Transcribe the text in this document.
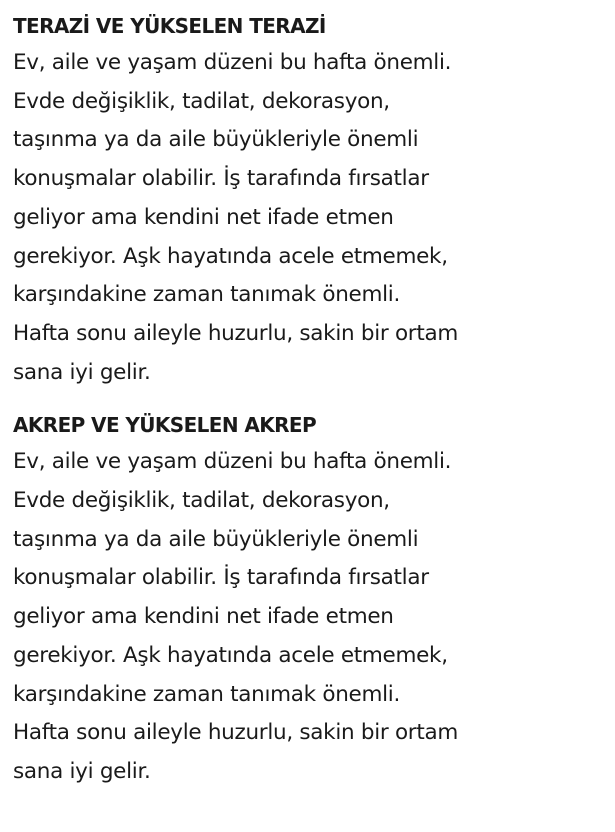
TERAZİ VE YÜKSELEN TERAZİ

Ev, aile ve yaşam düzeni bu hafta önemli.
Evde değişiklik, tadilat, dekorasyon,
taşınma ya da aile büyükleriyle önemli
konuşmalar olabilir. İş tarafında fırsatlar
geliyor ama kendini net ifade etmen
gerekiyor. Aşk hayatında acele etmemek,
karşındakine zaman tanımak önemli.
Hafta sonu aileyle huzurlu, sakin bir ortam
sana iyi gelir.

AKREP VE YÜKSELEN AKREP

Ev, aile ve yaşam düzeni bu hafta önemli.
Evde değişiklik, tadilat, dekorasyon,
taşınma ya da aile büyükleriyle önemli
konuşmalar olabilir. İş tarafında fırsatlar
geliyor ama kendini net ifade etmen
gerekiyor. Aşk hayatında acele etmemek,
karşındakine zaman tanımak önemli.
Hafta sonu aileyle huzurlu, sakin bir ortam
sana iyi gelir.
